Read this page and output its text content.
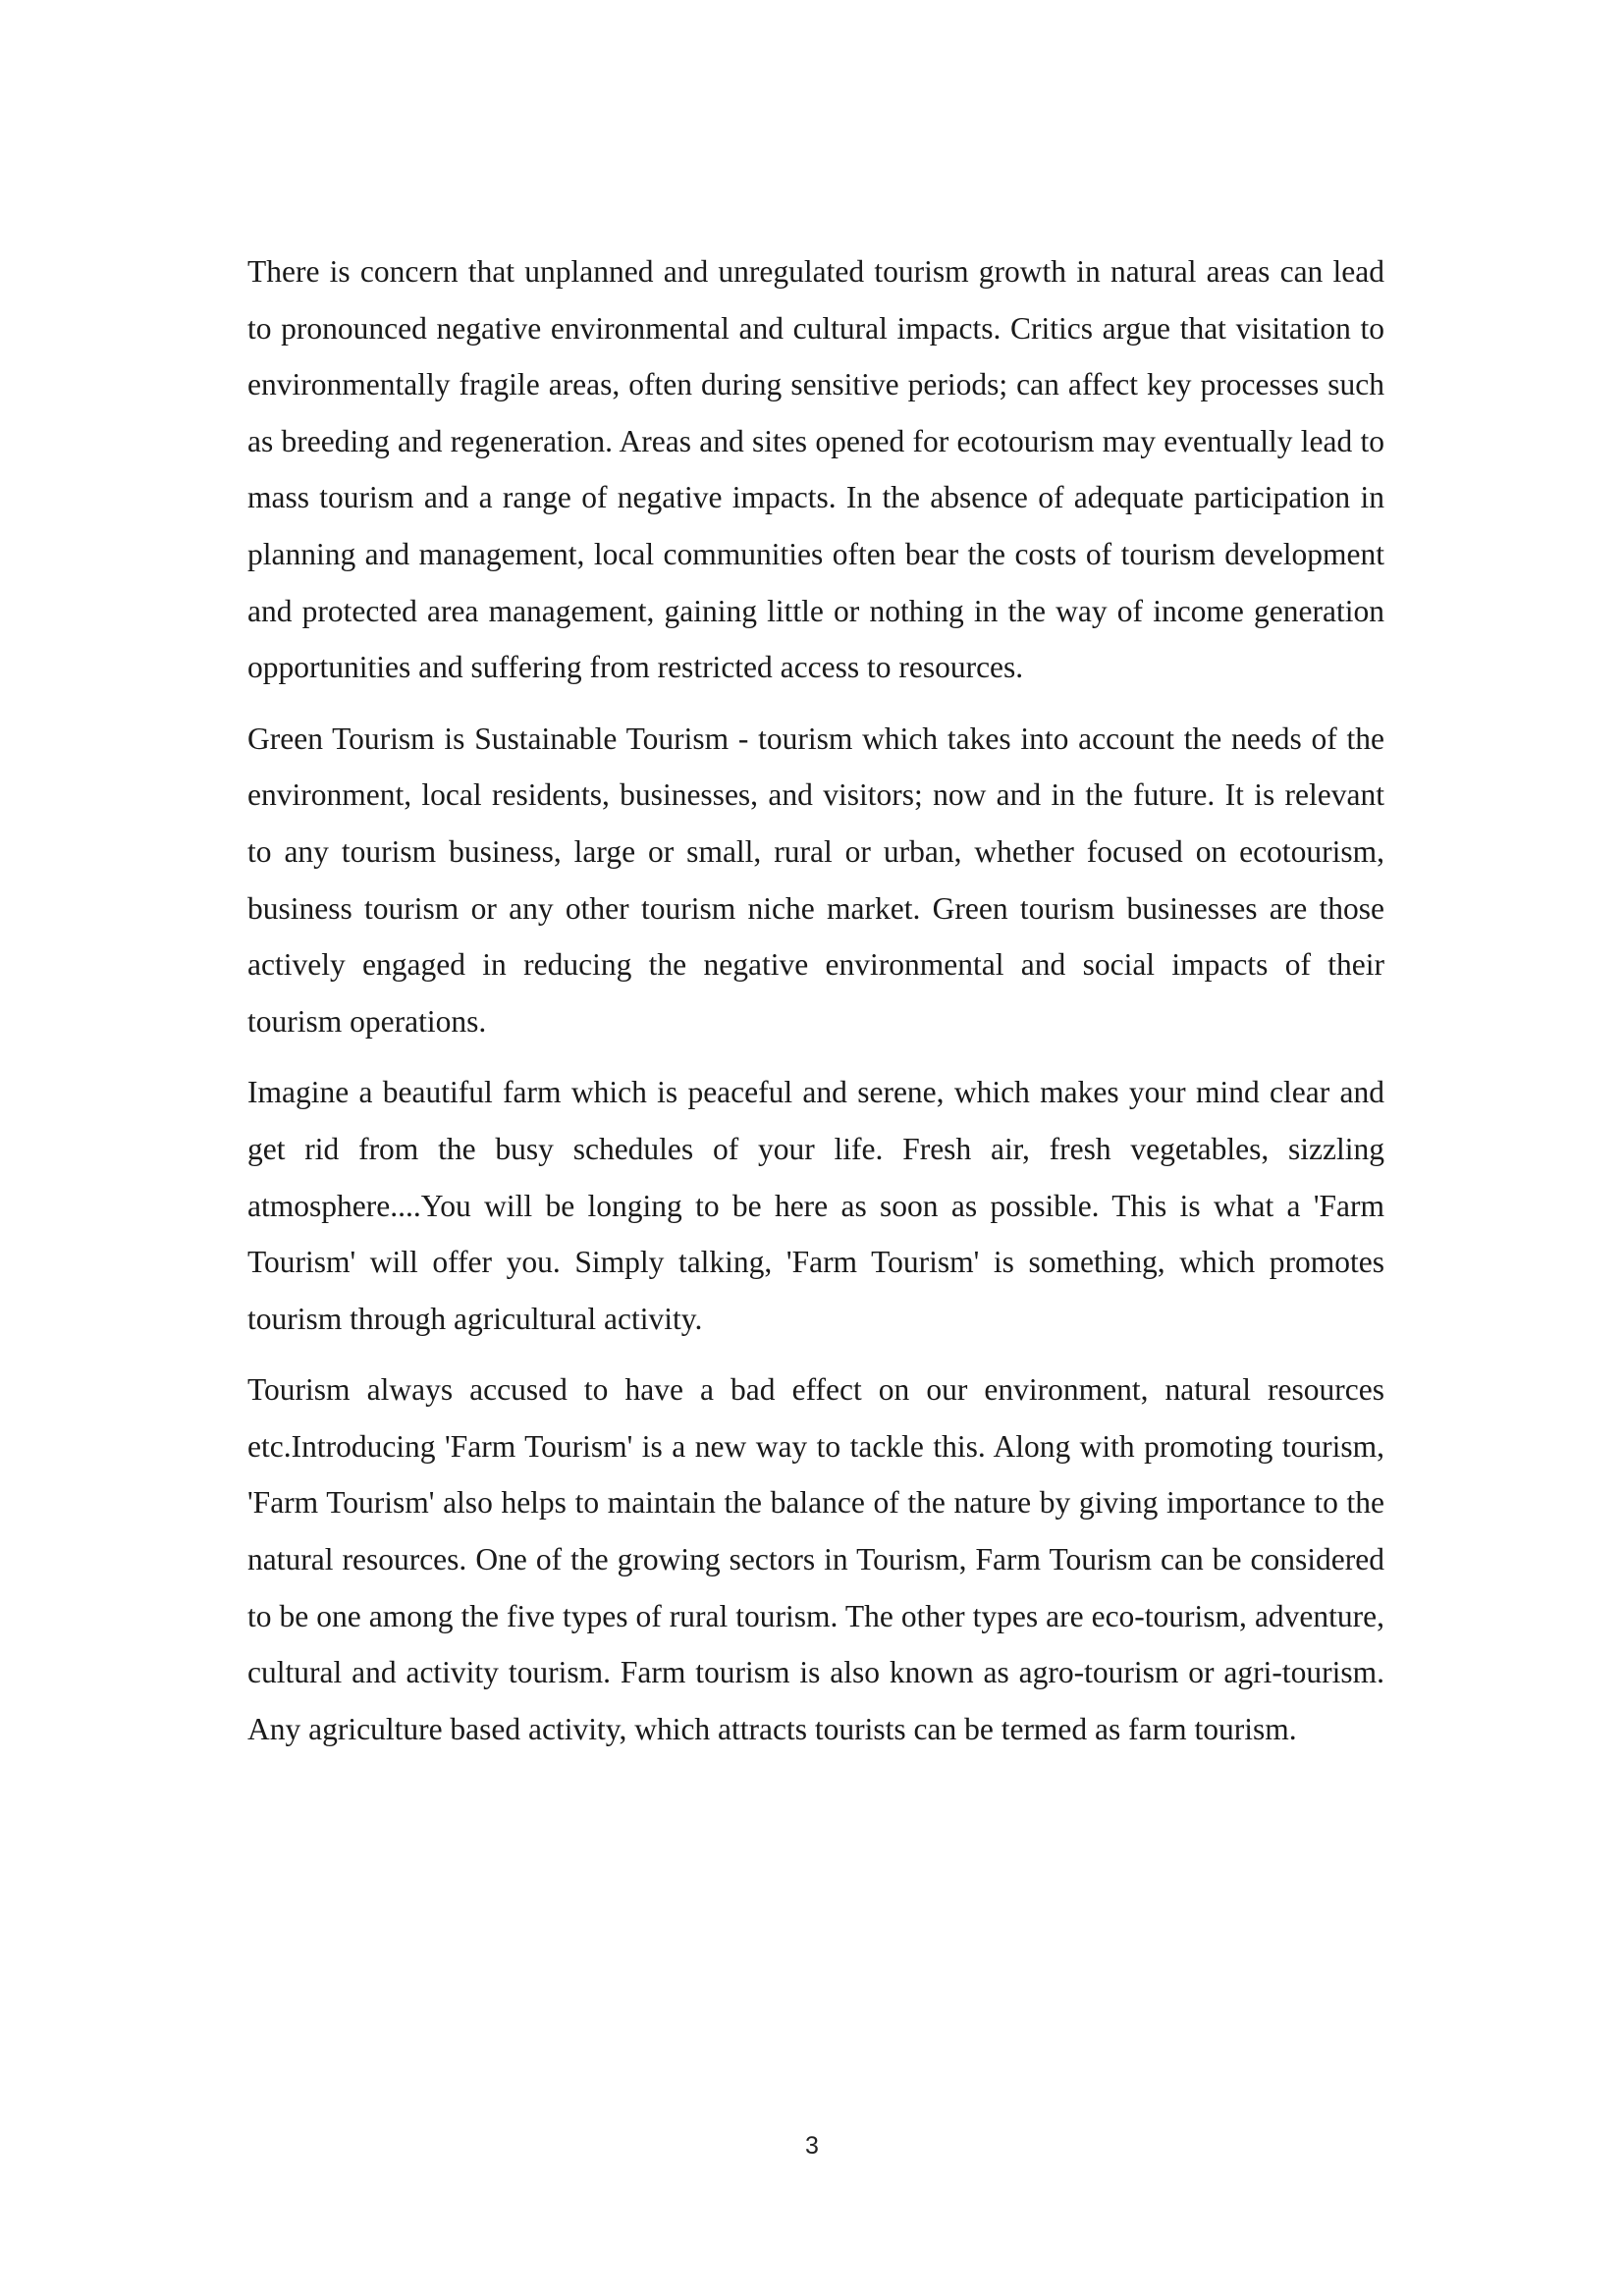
There is concern that unplanned and unregulated tourism growth in natural areas can lead to pronounced negative environmental and cultural impacts. Critics argue that visitation to environmentally fragile areas, often during sensitive periods; can affect key processes such as breeding and regeneration. Areas and sites opened for ecotourism may eventually lead to mass tourism and a range of negative impacts. In the absence of adequate participation in planning and management, local communities often bear the costs of tourism development and protected area management, gaining little or nothing in the way of income generation opportunities and suffering from restricted access to resources.

Green Tourism is Sustainable Tourism - tourism which takes into account the needs of the environment, local residents, businesses, and visitors; now and in the future. It is relevant to any tourism business, large or small, rural or urban, whether focused on ecotourism, business tourism or any other tourism niche market. Green tourism businesses are those actively engaged in reducing the negative environmental and social impacts of their tourism operations.

Imagine a beautiful farm which is peaceful and serene, which makes your mind clear and get rid from the busy schedules of your life. Fresh air, fresh vegetables, sizzling atmosphere....You will be longing to be here as soon as possible. This is what a 'Farm Tourism' will offer you. Simply talking, 'Farm Tourism' is something, which promotes tourism through agricultural activity.

Tourism always accused to have a bad effect on our environment, natural resources etc.Introducing 'Farm Tourism' is a new way to tackle this. Along with promoting tourism, 'Farm Tourism' also helps to maintain the balance of the nature by giving importance to the natural resources. One of the growing sectors in Tourism, Farm Tourism can be considered to be one among the five types of rural tourism. The other types are eco-tourism, adventure, cultural and activity tourism. Farm tourism is also known as agro-tourism or agri-tourism. Any agriculture based activity, which attracts tourists can be termed as farm tourism.

3
